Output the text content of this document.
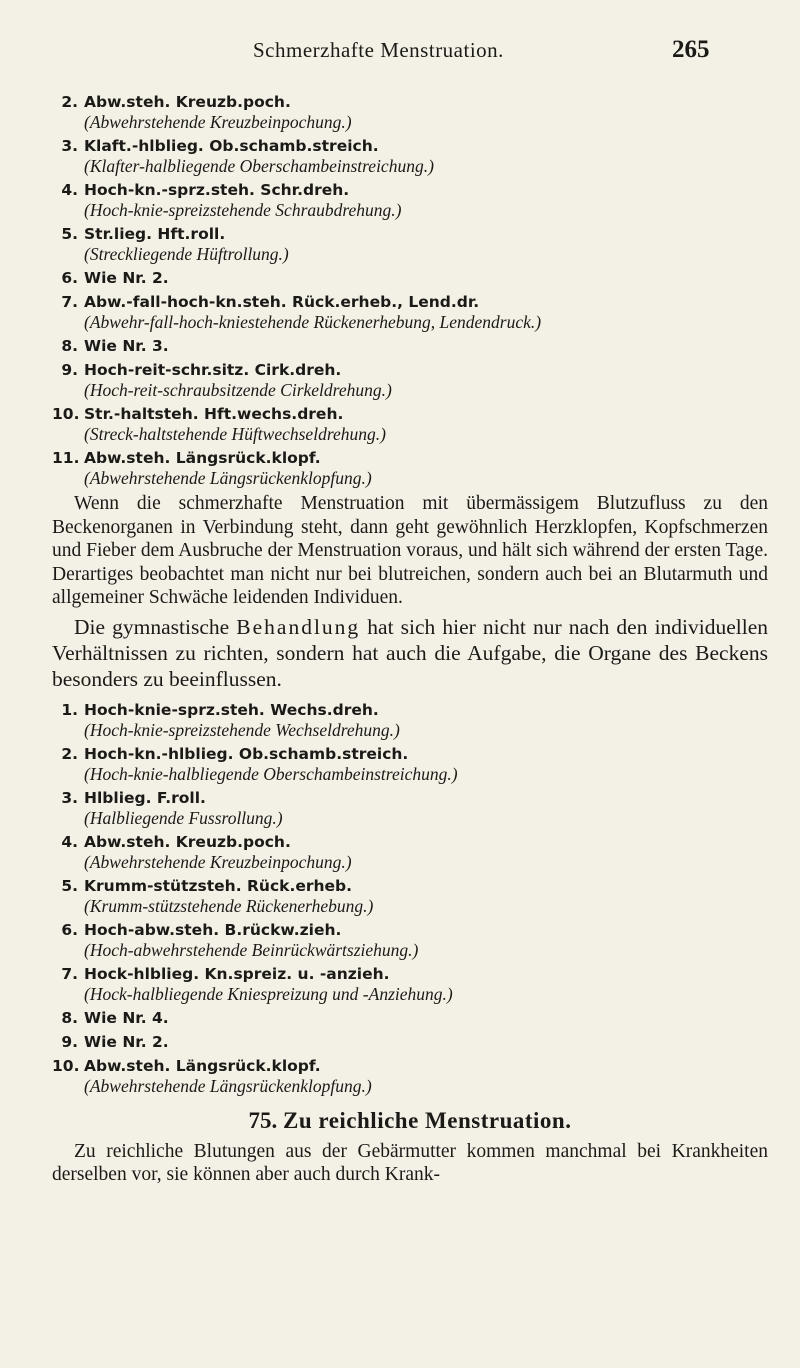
Schmerzhafte Menstruation.	265
2. Abw.steh. Kreuzb.poch.
(Abwehrstehende Kreuzbeinpochung.)
3. Klaft.-hlblieg. Ob.schamb.streich.
(Klafter-halbliegende Oberschambeinstreichung.)
4. Hoch-kn.-sprz.steh. Schr.dreh.
(Hoch-knie-spreizstehende Schraubdrehung.)
5. Str.lieg. Hft.roll.
(Streckliegende Hüftrollung.)
6. Wie Nr. 2.
7. Abw.-fall-hoch-kn.steh. Rück.erheb., Lend.dr.
(Abwehr-fall-hoch-kniestehende Rückenerhebung, Lendendruck.)
8. Wie Nr. 3.
9. Hoch-reit-schr.sitz. Cirk.dreh.
(Hoch-reit-schraubsitzende Cirkeldrehung.)
10. Str.-haltsteh. Hft.wechs.dreh.
(Streck-haltstehende Hüftwechseldrehung.)
11. Abw.steh. Längsrück.klopf.
(Abwehrstehende Längsrückenklopfung.)

Wenn die schmerzhafte Menstruation mit übermässigem Blutzufluss zu den Beckenorganen in Verbindung steht, dann geht gewöhnlich Herzklopfen, Kopfschmerzen und Fieber dem Ausbruche der Menstruation voraus, und hält sich während der ersten Tage. Derartiges beobachtet man nicht nur bei blutreichen, sondern auch bei an Blutarmuth und allgemeiner Schwäche leidenden Individuen.

Die gymnastische Behandlung hat sich hier nicht nur nach den individuellen Verhältnissen zu richten, sondern hat auch die Aufgabe, die Organe des Beckens besonders zu beeinflussen.

1. Hoch-knie-sprz.steh. Wechs.dreh.
(Hoch-knie-spreizstehende Wechseldrehung.)
2. Hoch-kn.-hlblieg. Ob.schamb.streich.
(Hoch-knie-halbliegende Oberschambeinstreichung.)
3. Hlblieg. F.roll.
(Halbliegende Fussrollung.)
4. Abw.steh. Kreuzb.poch.
(Abwehrstehende Kreuzbeinpochung.)
5. Krumm-stützsteh. Rück.erheb.
(Krumm-stützstehende Rückenerhebung.)
6. Hoch-abw.steh. B.rückw.zieh.
(Hoch-abwehrstehende Beinrückwärtsziehung.)
7. Hock-hlblieg. Kn.spreiz. u. -anzieh.
(Hock-halbliegende Kniespreizung und -Anziehung.)
8. Wie Nr. 4.
9. Wie Nr. 2.
10. Abw.steh. Längsrück.klopf.
(Abwehrstehende Längsrückenklopfung.)
75. Zu reichliche Menstruation.

Zu reichliche Blutungen aus der Gebärmutter kommen manchmal bei Krankheiten derselben vor, sie können aber auch durch Krank-
